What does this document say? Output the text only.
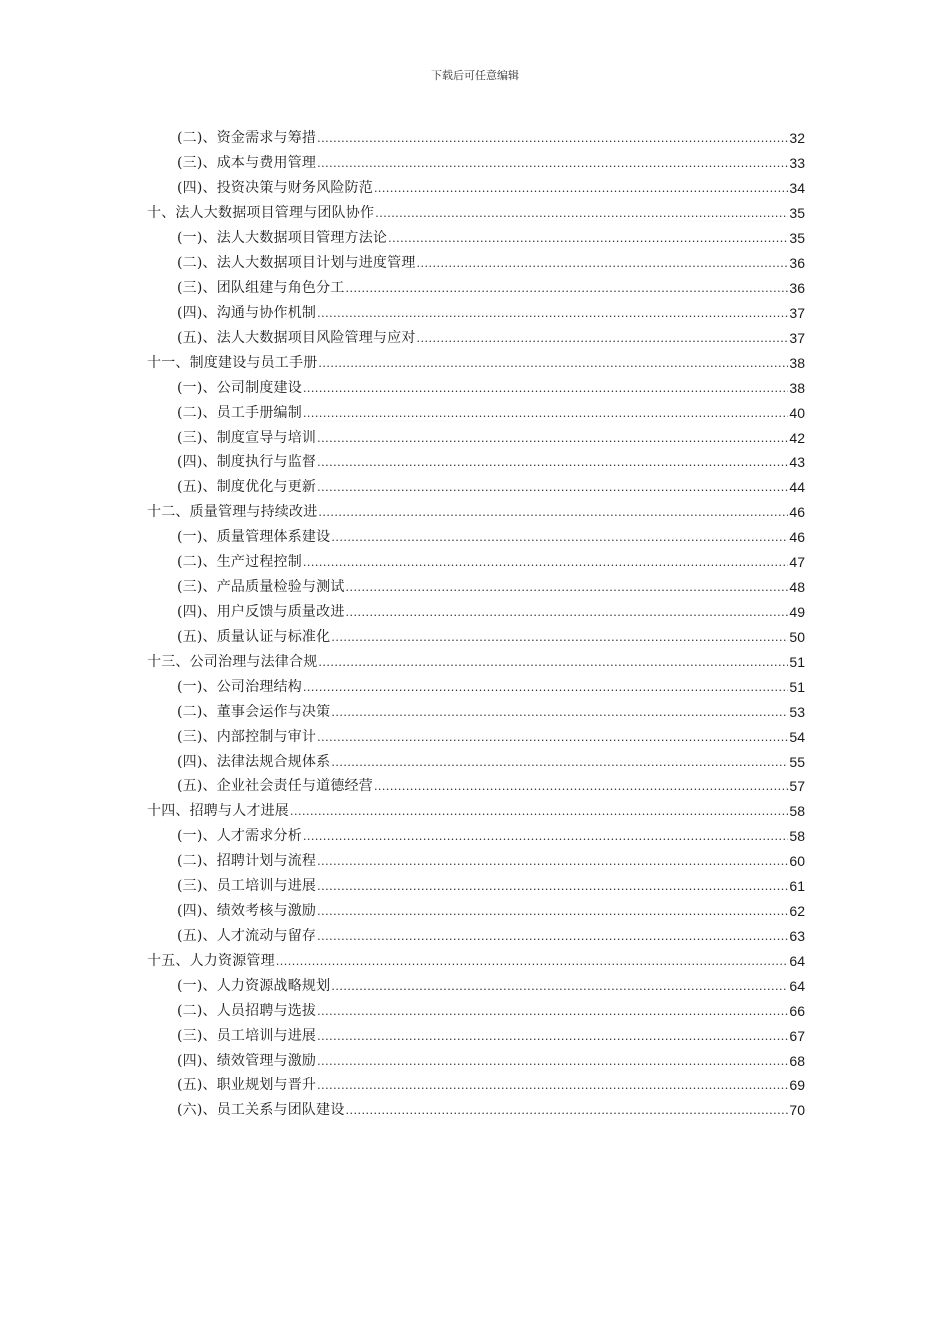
下载后可任意编辑
(二)、资金需求与筹措 .....	32
(三)、成本与费用管理 .....	33
(四)、投资决策与财务风险防范 .....	34
十、法人大数据项目管理与团队协作 .....	35
(一)、法人大数据项目管理方法论 .....	35
(二)、法人大数据项目计划与进度管理 .....	36
(三)、团队组建与角色分工 .....	36
(四)、沟通与协作机制 .....	37
(五)、法人大数据项目风险管理与应对 .....	37
十一、制度建设与员工手册 .....	38
(一)、公司制度建设 .....	38
(二)、员工手册编制 .....	40
(三)、制度宣导与培训 .....	42
(四)、制度执行与监督 .....	43
(五)、制度优化与更新 .....	44
十二、质量管理与持续改进 .....	46
(一)、质量管理体系建设 .....	46
(二)、生产过程控制 .....	47
(三)、产品质量检验与测试 .....	48
(四)、用户反馈与质量改进 .....	49
(五)、质量认证与标准化 .....	50
十三、公司治理与法律合规 .....	51
(一)、公司治理结构 .....	51
(二)、董事会运作与决策 .....	53
(三)、内部控制与审计 .....	54
(四)、法律法规合规体系 .....	55
(五)、企业社会责任与道德经营 .....	57
十四、招聘与人才进展 .....	58
(一)、人才需求分析 .....	58
(二)、招聘计划与流程 .....	60
(三)、员工培训与进展 .....	61
(四)、绩效考核与激励 .....	62
(五)、人才流动与留存 .....	63
十五、人力资源管理 .....	64
(一)、人力资源战略规划 .....	64
(二)、人员招聘与选拔 .....	66
(三)、员工培训与进展 .....	67
(四)、绩效管理与激励 .....	68
(五)、职业规划与晋升 .....	69
(六)、员工关系与团队建设 .....	70
